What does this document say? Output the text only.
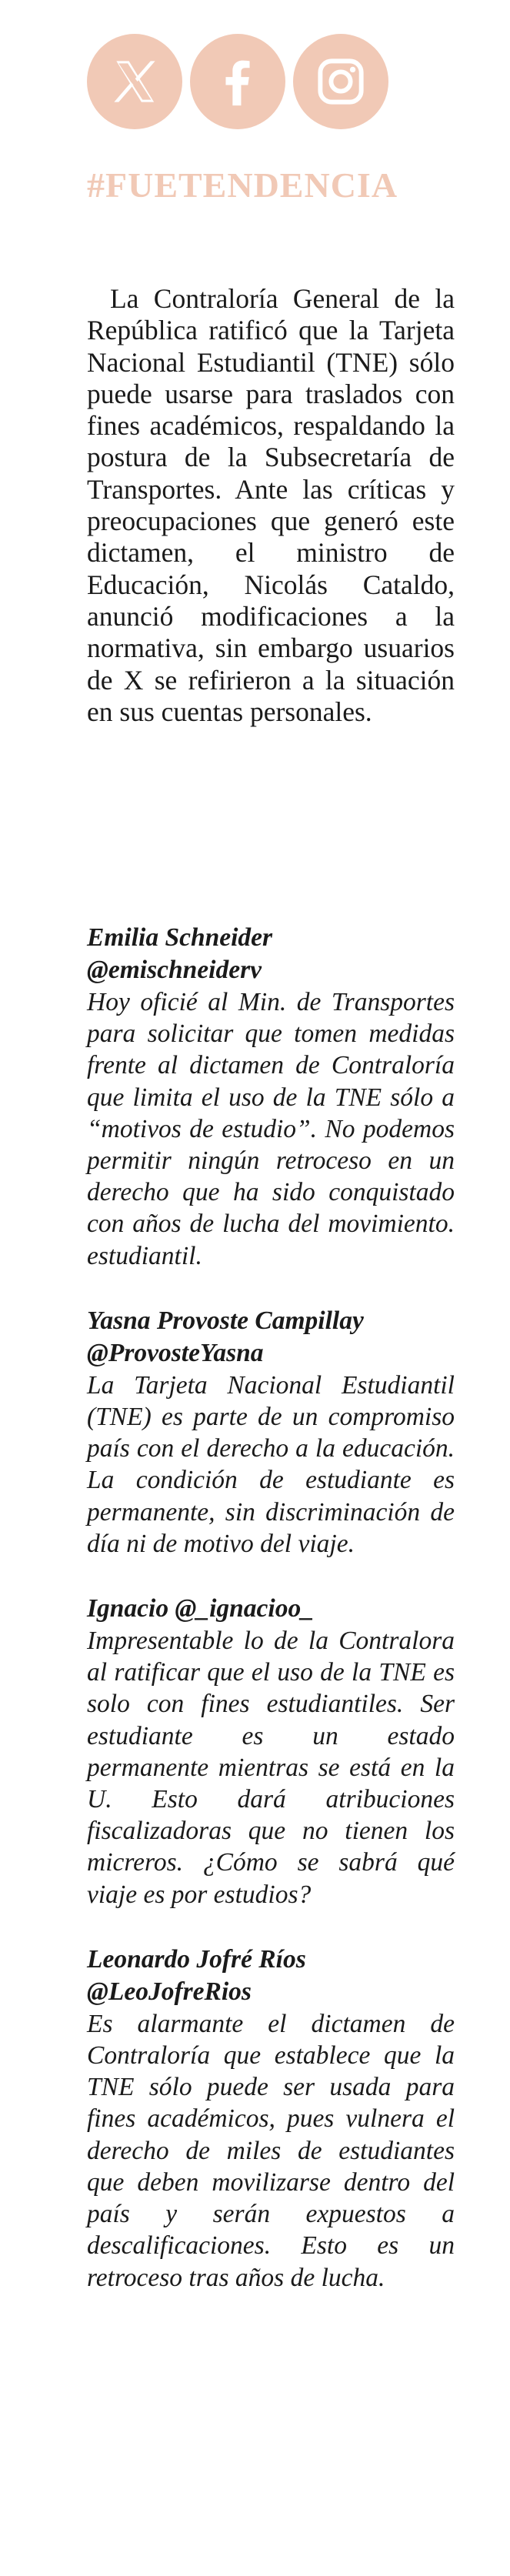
#FUETENDENCIA

La Contraloría General de la República ratificó que la Tarjeta Nacional Estudiantil (TNE) sólo puede usarse para traslados con fines académicos, respaldando la postura de la Subsecretaría de Transportes. Ante las críticas y preocupaciones que generó este dictamen, el ministro de Educación, Nicolás Cataldo, anunció modificaciones a la normativa, sin embargo usuarios de X se refirieron a la situación en sus cuentas personales.

Emilia Schneider

@emischneiderv

Hoy oficié al Min. de Transportes para solicitar que tomen medidas frente al dictamen de Contraloría que limita el uso de la TNE sólo a “motivos de estudio”. No podemos permitir ningún retroceso en un derecho que ha sido conquistado con años de lucha del movimiento. estudiantil.

Yasna Provoste Campillay

@ProvosteYasna

La Tarjeta Nacional Estudiantil (TNE) es parte de un compromiso país con el derecho a la educación. La condición de estudiante es permanente, sin discriminación de día ni de motivo del viaje.

Ignacio @_ignacioo_

Impresentable lo de la Contralora al ratificar que el uso de la TNE es solo con fines estudiantiles. Ser estudiante es un estado permanente mientras se está en la U. Esto dará atribuciones fiscalizadoras que no tienen los micreros. ¿Cómo se sabrá qué viaje es por estudios?

Leonardo Jofré Ríos

@LeoJofreRios

Es alarmante el dictamen de Contraloría que establece que la TNE sólo puede ser usada para fines académicos, pues vulnera el derecho de miles de estudiantes que deben movilizarse dentro del país y serán expuestos a descalificaciones. Esto es un retroceso tras años de lucha.
